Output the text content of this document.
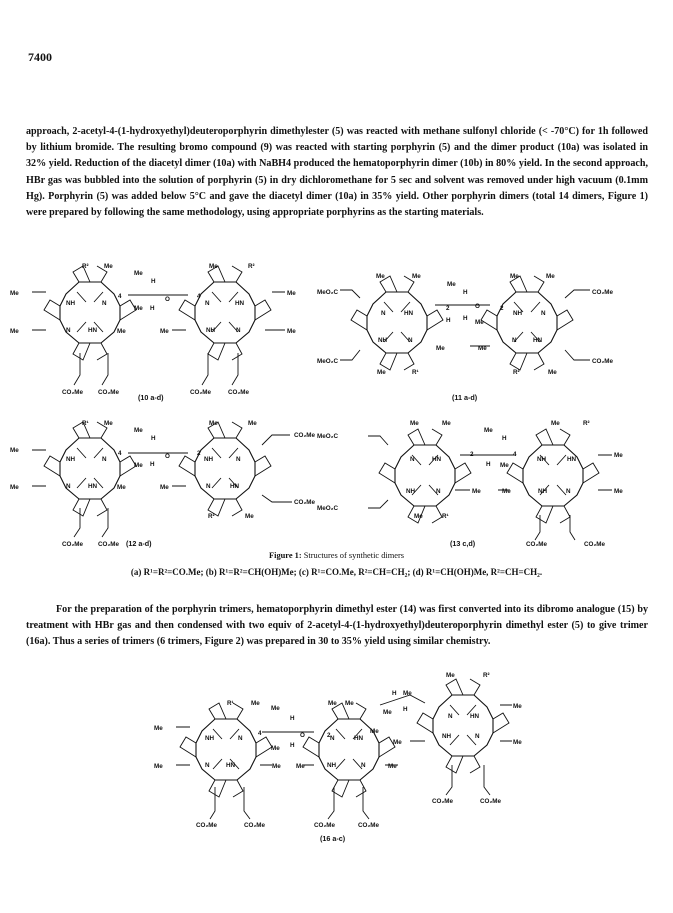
7400
approach, 2-acetyl-4-(1-hydroxyethyl)deuteroporphyrin dimethylester (5) was reacted with methane sulfonyl chloride (< -70°C) for 1h followed by lithium bromide. The resulting bromo compound (9) was reacted with starting porphyrin (5) and the dimer product (10a) was isolated in 32% yield. Reduction of the diacetyl dimer (10a) with NaBH4 produced the hematoporphyrin dimer (10b) in 80% yield. In the second approach, HBr gas was bubbled into the solution of porphyrin (5) in dry dichloromethane for 5 sec and solvent was removed under high vacuum (0.1mm Hg). Porphyrin (5) was added below 5°C and gave the diacetyl dimer (10a) in 35% yield. Other porphyrin dimers (total 14 dimers, Figure 1) were prepared by following the same methodology, using appropriate porphyrins as the starting materials.
R² Me	Me	R²
Me
H
O
H
Me
Me
NH	N
4	4
N	HN
Me
Me	N	HN	Me	Me	NH	N	Me
CO₂Me CO₂Me	CO₂Me	CO₂Me
(10 a-d)
MeO₂C
MeO₂C
CO₂Me
CO₂Me
Me	Me	Me	Me
Me
H
O
2
H
H	Me
2
N	HN	NH	N
NH	N	N	HN
Me	Me
Me	R¹	R²	Me
(11 a-d)
R¹ Me	Me	Me
Me
H
O
H
Me
2
4
CO₂Me
CO₂Me
Me
NH	N	NH	N
Me	N	HN	Me	Me	N	HN
R²	Me
CO₂Me CO₂Me (12 a-d)
MeO₂C
MeO₂C
Me	Me	Me	R²
Me
H
H Me
2	4
N	HN	NH	HN
Me
NH	N	Me	Me	NH	N	Me
Me	R¹
(13 c,d)	CO₂Me	CO₂Me
Figure 1: Structures of synthetic dimers
(a) R¹=R²=CO.Me; (b) R¹=R²=CH(OH)Me; (c) R¹=CO.Me, R²=CH=CH₂; (d) R¹=CH(OH)Me, R²=CH=CH₂.
For the preparation of the porphyrin trimers, hematoporphyrin dimethyl ester (14) was first converted into its dibromo analogue (15) by treatment with HBr gas and then condensed with two equiv of 2-acetyl-4-(1-hydroxyethyl)deuteroporphyrin dimethyl ester (5) to give trimer (16a). Thus a series of trimers (6 trimers, Figure 2) was prepared in 30 to 35% yield using similar chemistry.
R¹	Me
Me
H
O
H
Me
4
Me Me
H Me
H
Me
Me
2
Me	R²
Me
Me
Me
Me
Me
NH	N	N	HN
N	HN
NH	N
N	HN	Me Me	NH	N	Me
CO₂Me	CO₂Me
CO₂Me	CO₂Me	CO₂Me	CO₂Me
(16 a-c)
